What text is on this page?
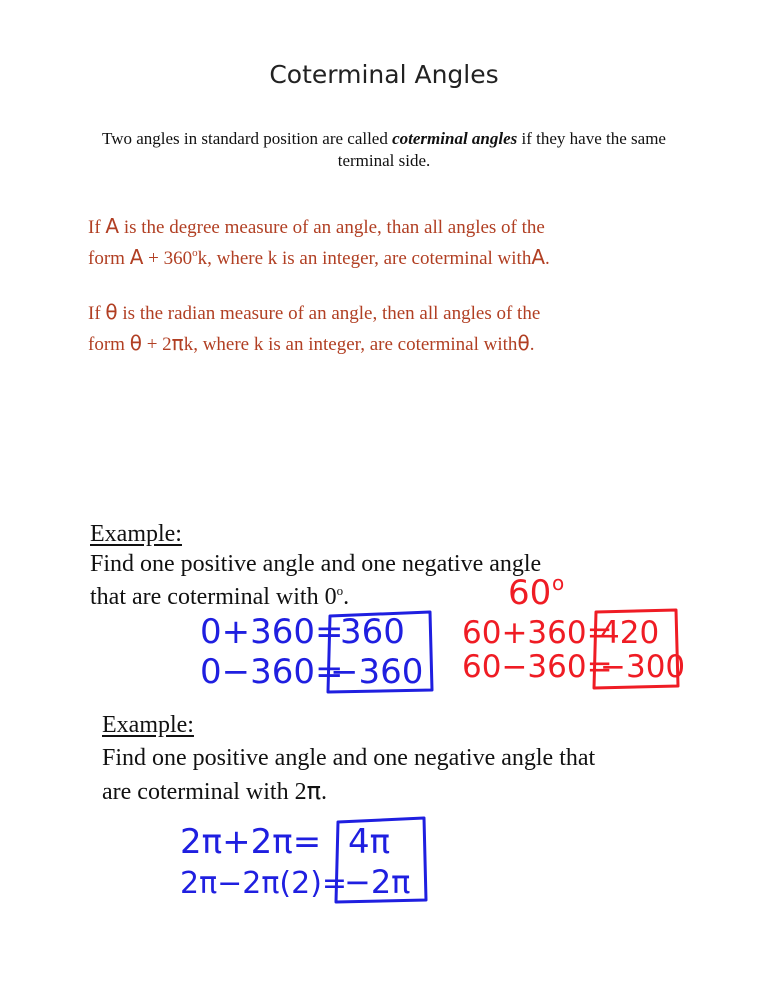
Coterminal Angles
Two angles in standard position are called coterminal angles if they have the same terminal side.
If A is the degree measure of an angle, than all angles of the
form $A + 360^ok$, where k is an integer, are coterminal withA.
If θ is the radian measure of an angle, then all angles of the
form θ + 2πk, where k is an integer, are coterminal withθ.
Example:
Find one positive angle and one negative angle
that are coterminal with 0$^o$.
Example:
Find one positive angle and one negative angle that
are coterminal with 2π.
0+360=
360
0−360=
−360
60 o
60+360=
420
60−360=
−300
2π+2π= 4π
2π−2π(2)=
−2π
